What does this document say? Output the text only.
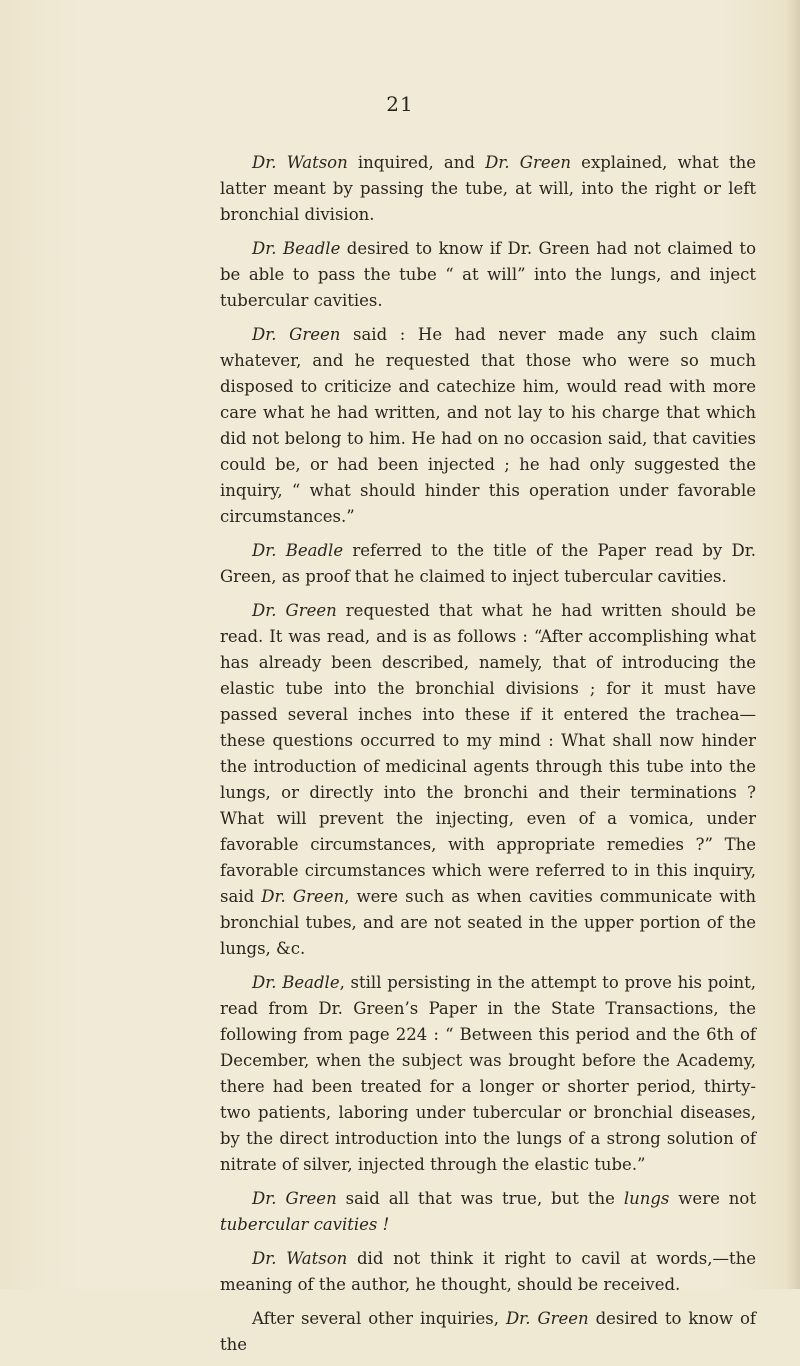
21

Dr. Watson inquired, and Dr. Green explained, what the latter meant by passing the tube, at will, into the right or left bronchial division.

Dr. Beadle desired to know if Dr. Green had not claimed to be able to pass the tube “ at will” into the lungs, and inject tubercular cavities.

Dr. Green said : He had never made any such claim whatever, and he requested that those who were so much disposed to criticize and catechize him, would read with more care what he had written, and not lay to his charge that which did not belong to him. He had on no occasion said, that cavities could be, or had been injected ; he had only suggested the inquiry, “ what should hinder this operation under favorable circumstances.”

Dr. Beadle referred to the title of the Paper read by Dr. Green, as proof that he claimed to inject tubercular cavities.

Dr. Green requested that what he had written should be read. It was read, and is as follows : “After accomplishing what has already been described, namely, that of introducing the elastic tube into the bronchial divisions ; for it must have passed several inches into these if it entered the trachea—these questions occurred to my mind : What shall now hinder the introduction of medicinal agents through this tube into the lungs, or directly into the bronchi and their terminations ? What will prevent the injecting, even of a vomica, under favorable circumstances, with appropriate remedies ?” The favorable circumstances which were referred to in this inquiry, said Dr. Green, were such as when cavities communicate with bronchial tubes, and are not seated in the upper portion of the lungs, &c.

Dr. Beadle, still persisting in the attempt to prove his point, read from Dr. Green’s Paper in the State Transactions, the following from page 224 : “ Between this period and the 6th of December, when the subject was brought before the Academy, there had been treated for a longer or shorter period, thirty-two patients, laboring under tubercular or bronchial diseases, by the direct introduction into the lungs of a strong solution of nitrate of silver, injected through the elastic tube.”

Dr. Green said all that was true, but the lungs were not tubercular cavities !

Dr. Watson did not think it right to cavil at words,—the meaning of the author, he thought, should be received.

After several other inquiries, Dr. Green desired to know of the
